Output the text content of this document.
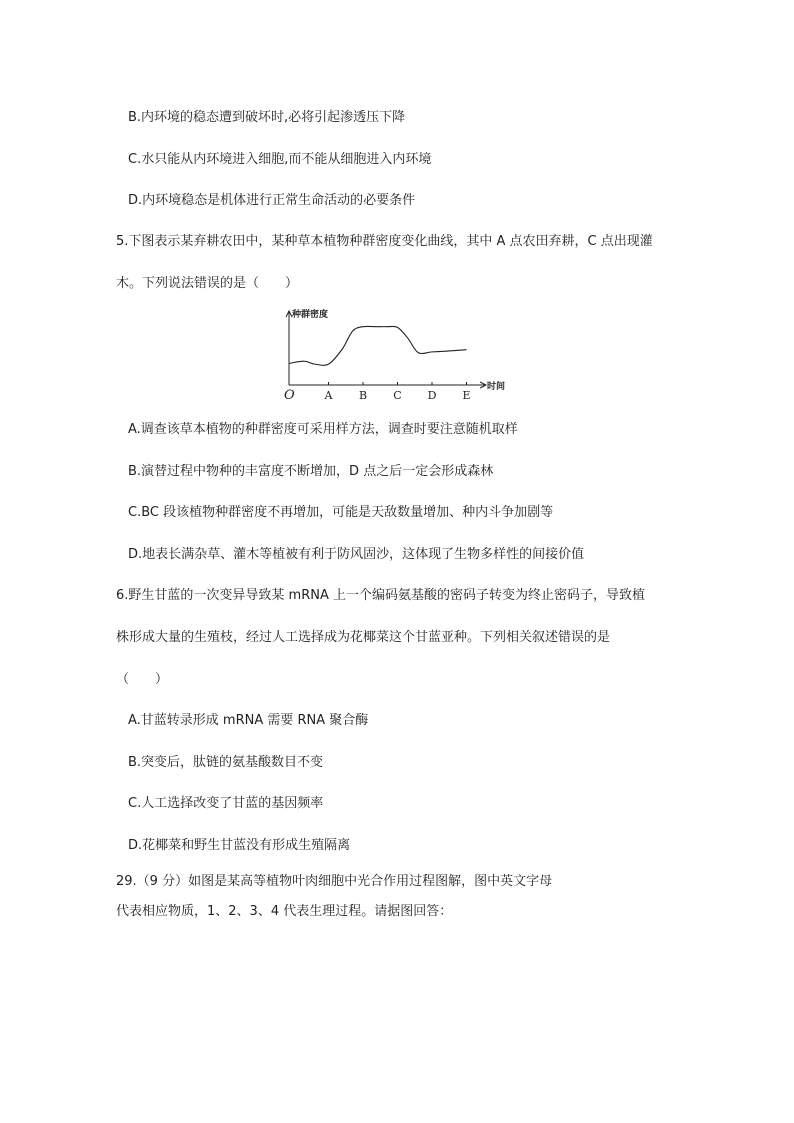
B.内环境的稳态遭到破坏时,必将引起渗透压下降
C.水只能从内环境进入细胞,而不能从细胞进入内环境
D.内环境稳态是机体进行正常生命活动的必要条件
5.下图表示某弃耕农田中，某种草本植物种群密度变化曲线，其中 A 点农田弃耕，C 点出现灌
木。下列说法错误的是（　　）
种群密度
时间
O	A B C D E
A.调查该草本植物的种群密度可采用样方法，调查时要注意随机取样
B.演替过程中物种的丰富度不断增加，D 点之后一定会形成森林
C.BC 段该植物种群密度不再增加，可能是天敌数量增加、种内斗争加剧等
D.地表长满杂草、灌木等植被有利于防风固沙，这体现了生物多样性的间接价值
6.野生甘蓝的一次变异导致某 mRNA 上一个编码氨基酸的密码子转变为终止密码子，导致植
株形成大量的生殖枝，经过人工选择成为花椰菜这个甘蓝亚种。下列相关叙述错误的是
（　　）
A.甘蓝转录形成 mRNA 需要 RNA 聚合酶
B.突变后，肽链的氨基酸数目不变
C.人工选择改变了甘蓝的基因频率
D.花椰菜和野生甘蓝没有形成生殖隔离
29.（9 分）如图是某高等植物叶肉细胞中光合作用过程图解，图中英文字母
代表相应物质，1、2、3、4 代表生理过程。请据图回答：
